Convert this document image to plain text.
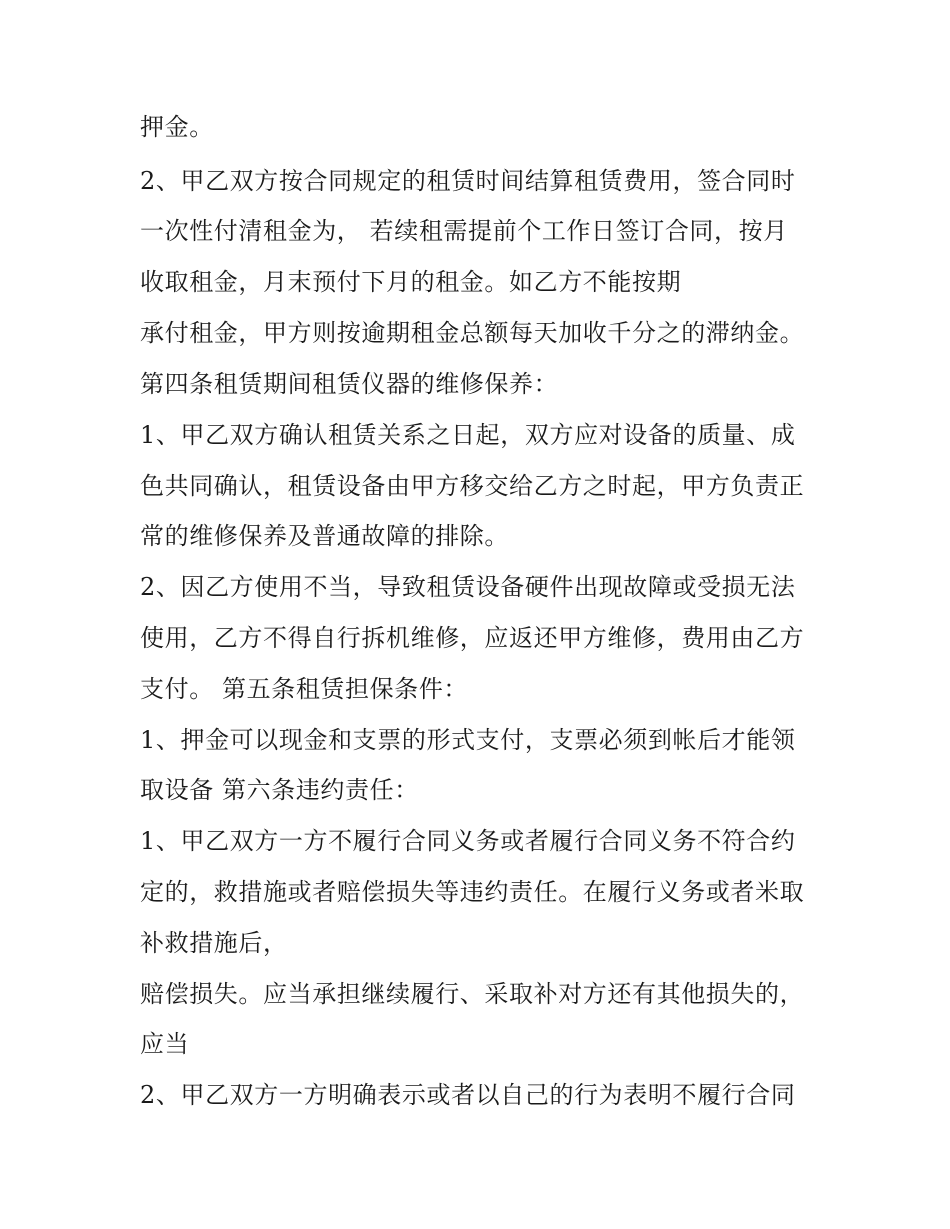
押金。
2、甲乙双方按合同规定的租赁时间结算租赁费用，签合同时
一次性付清租金为， 若续租需提前个工作日签订合同，按月
收取租金，月末预付下月的租金。如乙方不能按期
承付租金，甲方则按逾期租金总额每天加收千分之的滞纳金。
第四条租赁期间租赁仪器的维修保养：
1、甲乙双方确认租赁关系之日起，双方应对设备的质量、成
色共同确认，租赁设备由甲方移交给乙方之时起，甲方负责正
常的维修保养及普通故障的排除。
2、因乙方使用不当，导致租赁设备硬件出现故障或受损无法
使用，乙方不得自行拆机维修，应返还甲方维修，费用由乙方
支付。 第五条租赁担保条件：
1、押金可以现金和支票的形式支付，支票必须到帐后才能领
取设备 第六条违约责任：
1、甲乙双方一方不履行合同义务或者履行合同义务不符合约
定的，救措施或者赔偿损失等违约责任。在履行义务或者米取
补救措施后，
赔偿损失。应当承担继续履行、采取补对方还有其他损失的，
应当
2、甲乙双方一方明确表示或者以自己的行为表明不履行合同
